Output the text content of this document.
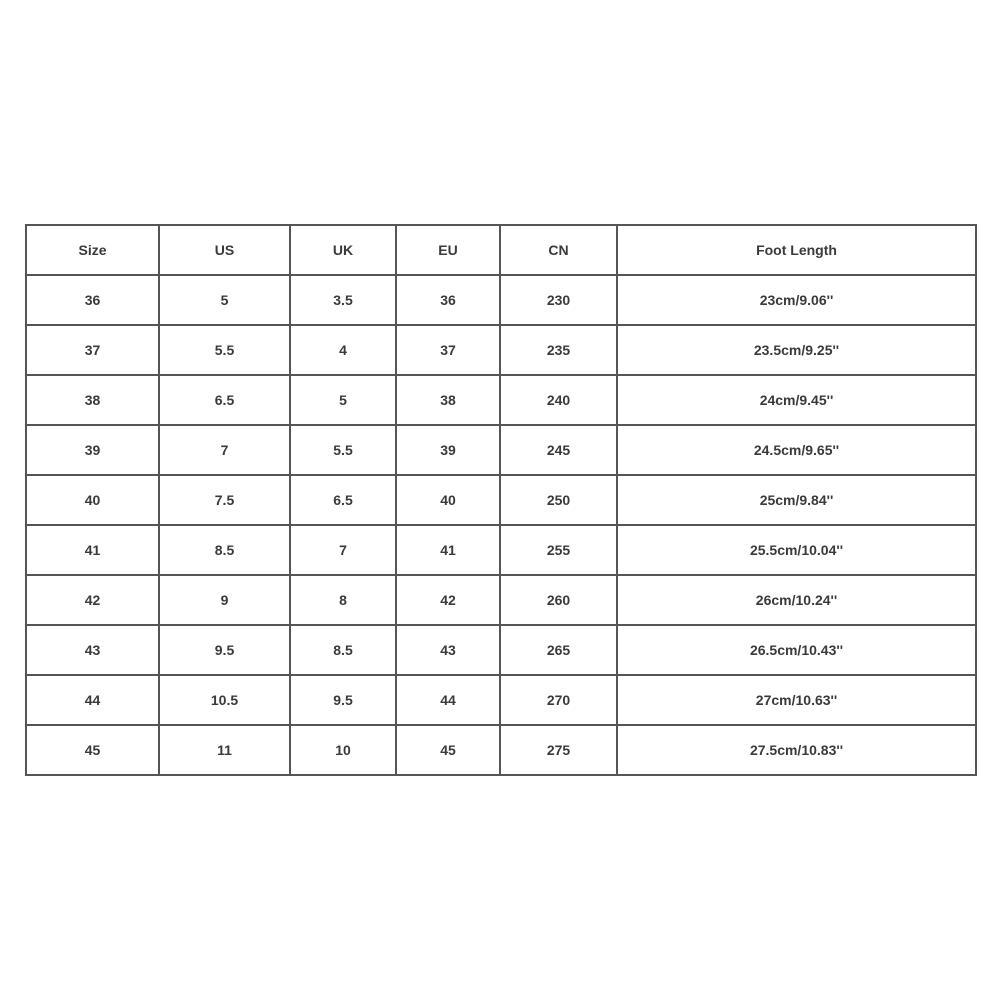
Size	US	UK	EU	CN	Foot Length
36	5	3.5	36	230	23cm/9.06''
37	5.5	4	37	235	23.5cm/9.25''
38	6.5	5	38	240	24cm/9.45''
39	7	5.5	39	245	24.5cm/9.65''
40	7.5	6.5	40	250	25cm/9.84''
41	8.5	7	41	255	25.5cm/10.04''
42	9	8	42	260	26cm/10.24''
43	9.5	8.5	43	265	26.5cm/10.43''
44	10.5	9.5	44	270	27cm/10.63''
45	11	10	45	275	27.5cm/10.83''
